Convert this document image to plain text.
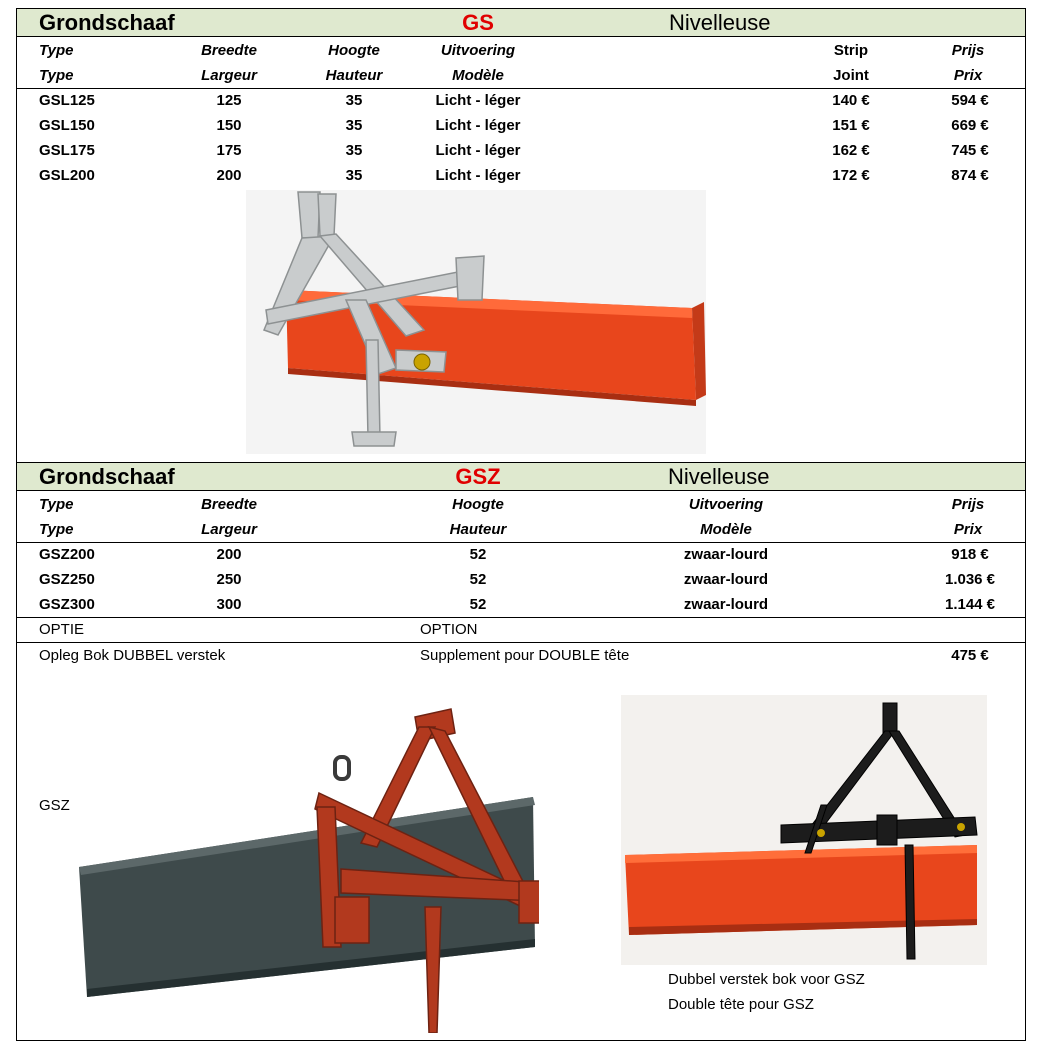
Grondschaaf	GS	Nivelleuse
Type	Breedte	Hoogte	Uitvoering	Strip	Prijs
Type	Largeur	Hauteur	Modèle	Joint	Prix
GSL125	125	35	Licht - léger	140 €	594 €
GSL150	150	35	Licht - léger	151 €	669 €
GSL175	175	35	Licht - léger	162 €	745 €
GSL200	200	35	Licht - léger	172 €	874 €
Grondschaaf	GSZ	Nivelleuse
Type	Breedte	Hoogte	Uitvoering	Prijs
Type	Largeur	Hauteur	Modèle	Prix
GSZ200	200	52	zwaar-lourd	918 €
GSZ250	250	52	zwaar-lourd	1.036 €
GSZ300	300	52	zwaar-lourd	1.144 €
OPTIE	OPTION
Opleg Bok DUBBEL verstek	Supplement pour DOUBLE tête	475 €
GSZ
Dubbel verstek bok voor GSZ
Double tête pour GSZ
